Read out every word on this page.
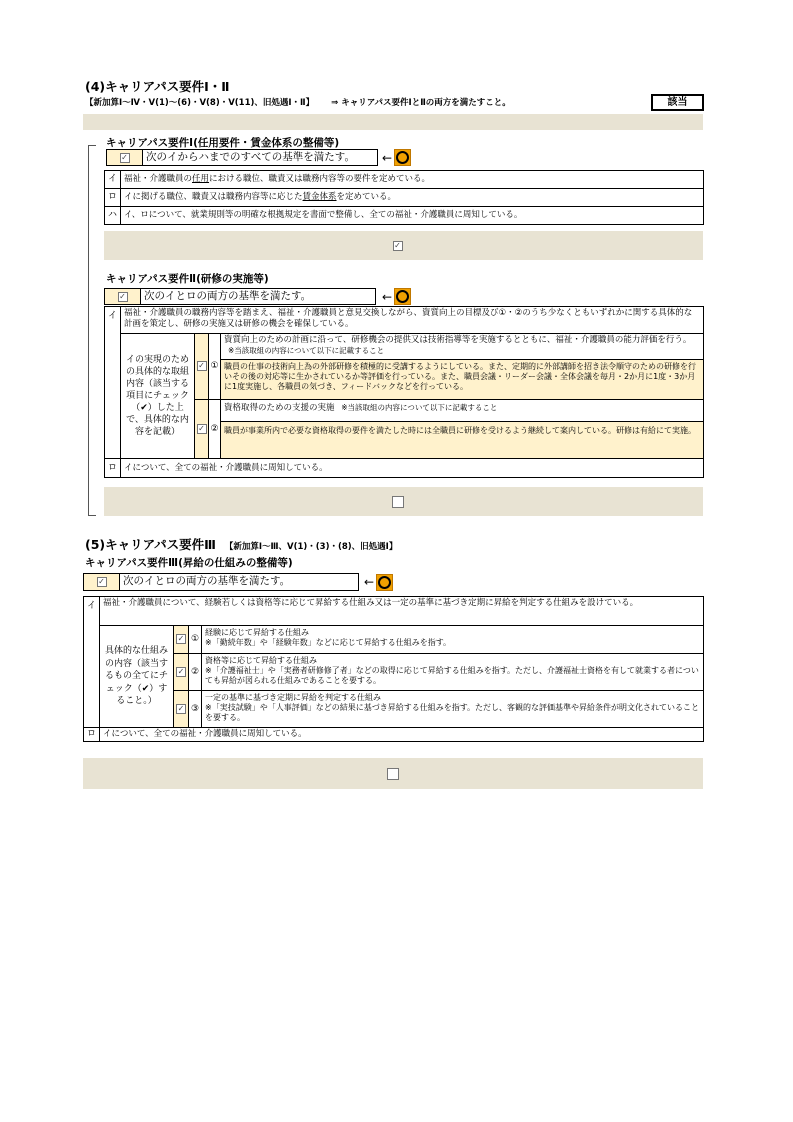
(4)キャリアパス要件Ⅰ・Ⅱ
【新加算Ⅰ～Ⅳ・Ⅴ(1)～(6)・Ⅴ(8)・Ⅴ(11)、旧処遇Ⅰ・Ⅱ】 ⇒ キャリアパス要件ⅠとⅡの両方を満たすこと。	該当
キャリアパス要件Ⅰ(任用要件・賃金体系の整備等)
✓ 次のイからハまでのすべての基準を満たす。 ←
イ	福祉・介護職員の任用における職位、職責又は職務内容等の要件を定めている。
ロ	イに掲げる職位、職責又は職務内容等に応じた賃金体系を定めている。
ハ	イ、ロについて、就業規則等の明確な根拠規定を書面で整備し、全ての福祉・介護職員に周知している。
✓
キャリアパス要件Ⅱ(研修の実施等)
✓ 次のイとロの両方の基準を満たす。	←
イ	福祉・介護職員の職務内容等を踏まえ、福祉・介護職員と意見交換しながら、資質向上の目標及び①・②のうち少なくともいずれかに関する具体的な計画を策定し、研修の実施又は研修の機会を確保している。			
	イの実現のための具体的な取組内容（該当する項目にチェック（✔）した上で、具体的な内容を記載）	✓	①	資質向上のための計画に沿って、研修機会の提供又は技術指導等を実施するとともに、福祉・介護職員の能力評価を行う。 ※当該取組の内容について以下に記載すること
				職員の仕事の技術向上為の外部研修を積極的に受講するようにしている。また、定期的に外部講師を招き法令順守のための研修を行いその後の対応等に生かされているか等評価を行っている。また、職員会議・リーダー会議・全体会議を毎月・2か月に1度・3か月に1度実施し、各職員の気づき、フィードバックなどを行っている。
		✓	②	資格取得のための支援の実施 ※当該取組の内容について以下に記載すること
				職員が事業所内で必要な資格取得の要件を満たした時には全職員に研修を受けるよう継続して案内している。研修は有給にて実施。
ロ	イについて、全ての福祉・介護職員に周知している。			
(5)キャリアパス要件Ⅲ 【新加算Ⅰ～Ⅲ、Ⅴ(1)・(3)・(8)、旧処遇Ⅰ】
キャリアパス要件Ⅲ(昇給の仕組みの整備等)
✓ 次のイとロの両方の基準を満たす。	←
イ	福祉・介護職員について、経験若しくは資格等に応じて昇給する仕組み又は一定の基準に基づき定期に昇給を判定する仕組みを設けている。			
	具体的な仕組みの内容（該当するもの全てにチェック（✔）すること。）	✓	①	経験に応じて昇給する仕組み
※「勤続年数」や「経験年数」などに応じて昇給する仕組みを指す。

		✓	②	資格等に応じて昇給する仕組み
※「介護福祉士」や「実務者研修修了者」などの取得に応じて昇給する仕組みを指す。ただし、介護福祉士資格を有して就業する者についても昇給が図られる仕組みであることを要する。

		✓	③	一定の基準に基づき定期に昇給を判定する仕組み
※「実技試験」や「人事評価」などの結果に基づき昇給する仕組みを指す。ただし、客観的な評価基準や昇給条件が明文化されていることを要する。

ロ	イについて、全ての福祉・介護職員に周知している。			
